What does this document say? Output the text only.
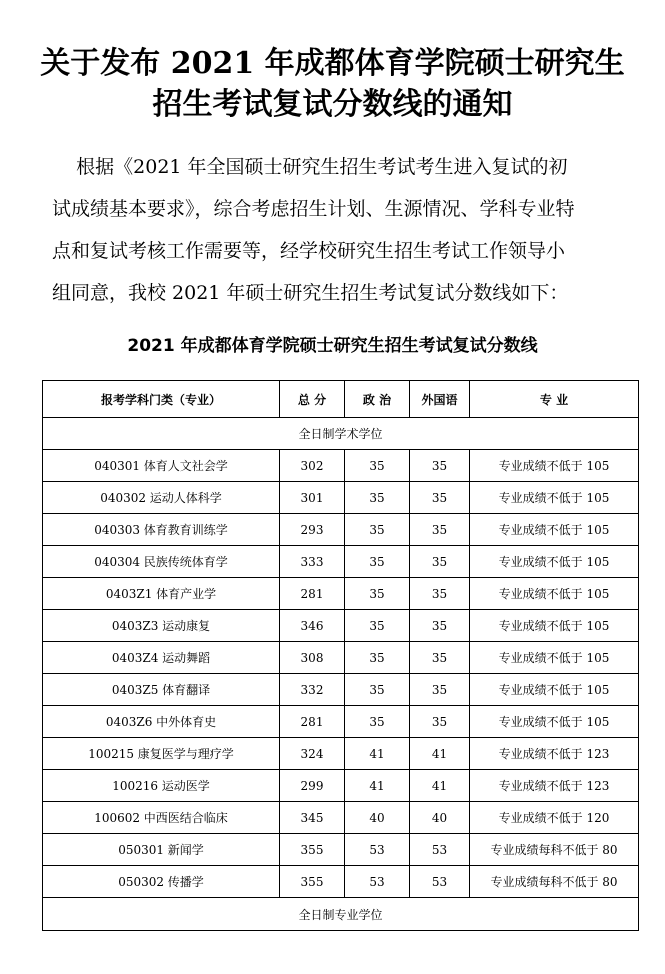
关于发布 2021 年成都体育学院硕士研究生
招生考试复试分数线的通知
根据《2021 年全国硕士研究生招生考试考生进入复试的初
试成绩基本要求》，综合考虑招生计划、生源情况、学科专业特
点和复试考核工作需要等，经学校研究生招生考试工作领导小
组同意，我校 2021 年硕士研究生招生考试复试分数线如下：
2021 年成都体育学院硕士研究生招生考试复试分数线
报考学科门类（专业）	总 分	政 治	外国语	专 业
全日制学术学位				
040301 体育人文社会学	302	35	35	专业成绩不低于 105
040302 运动人体科学	301	35	35	专业成绩不低于 105
040303 体育教育训练学	293	35	35	专业成绩不低于 105
040304 民族传统体育学	333	35	35	专业成绩不低于 105
0403Z1 体育产业学	281	35	35	专业成绩不低于 105
0403Z3 运动康复	346	35	35	专业成绩不低于 105
0403Z4 运动舞蹈	308	35	35	专业成绩不低于 105
0403Z5 体育翻译	332	35	35	专业成绩不低于 105
0403Z6 中外体育史	281	35	35	专业成绩不低于 105
100215 康复医学与理疗学	324	41	41	专业成绩不低于 123
100216 运动医学	299	41	41	专业成绩不低于 123
100602 中西医结合临床	345	40	40	专业成绩不低于 120
050301 新闻学	355	53	53	专业成绩每科不低于 80
050302 传播学	355	53	53	专业成绩每科不低于 80
全日制专业学位				
